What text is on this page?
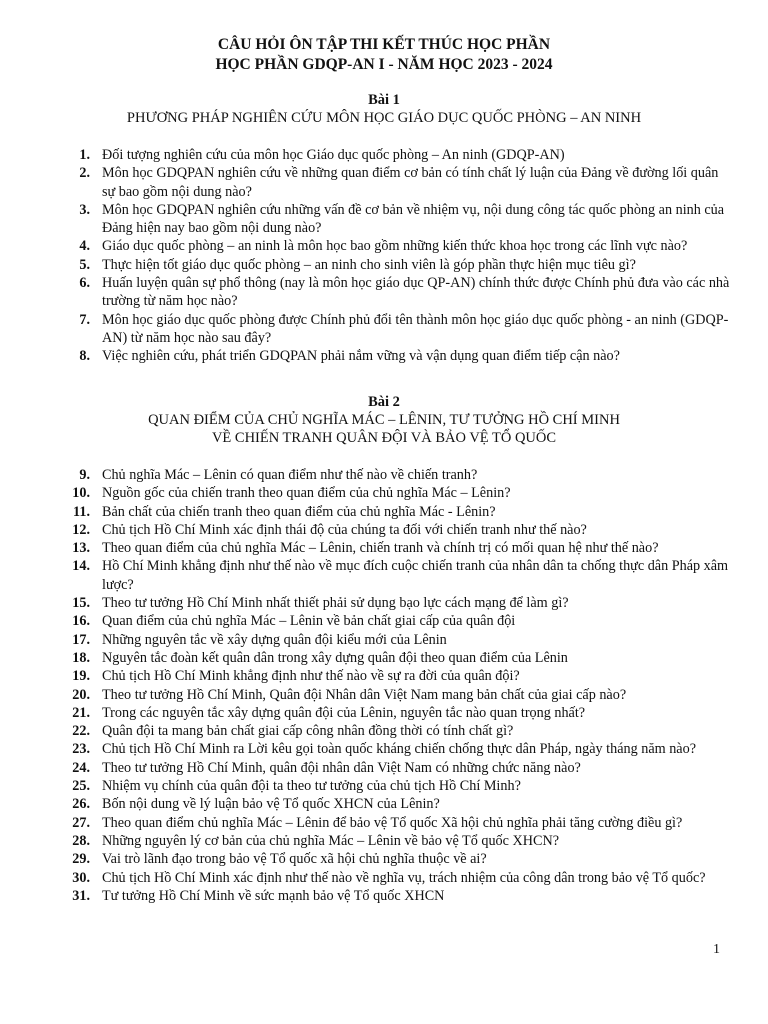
CÂU HỎI ÔN TẬP THI KẾT THÚC HỌC PHẦN
HỌC PHẦN GDQP-AN I - NĂM HỌC 2023 - 2024
Bài 1
PHƯƠNG PHÁP NGHIÊN CỨU MÔN HỌC GIÁO DỤC QUỐC PHÒNG – AN NINH
1. Đối tượng nghiên cứu của môn học Giáo dục quốc phòng – An ninh (GDQP-AN)
2. Môn học GDQPAN nghiên cứu về những quan điểm cơ bản có tính chất lý luận của Đảng về đường lối quân sự bao gồm nội dung nào?
3. Môn học GDQPAN nghiên cứu những vấn đề cơ bản về nhiệm vụ, nội dung công tác quốc phòng an ninh của Đảng hiện nay bao gồm nội dung nào?
4. Giáo dục quốc phòng – an ninh là môn học bao gồm những kiến thức khoa học trong các lĩnh vực nào?
5. Thực hiện tốt giáo dục quốc phòng – an ninh cho sinh viên là góp phần thực hiện mục tiêu gì?
6. Huấn luyện quân sự phổ thông (nay là môn học giáo dục QP-AN) chính thức được Chính phủ đưa vào các nhà trường từ năm học nào?
7. Môn học giáo dục quốc phòng được Chính phủ đổi tên thành môn học giáo dục quốc phòng - an ninh (GDQP-AN) từ năm học nào sau đây?
8. Việc nghiên cứu, phát triển GDQPAN phải nắm vững và vận dụng quan điểm tiếp cận nào?
Bài 2
QUAN ĐIỂM CỦA CHỦ NGHĨA MÁC – LÊNIN, TƯ TƯỞNG HỒ CHÍ MINH
VỀ CHIẾN TRANH QUÂN ĐỘI VÀ BẢO VỆ TỔ QUỐC
9. Chủ nghĩa Mác – Lênin có quan điểm như thế nào về chiến tranh?
10. Nguồn gốc của chiến tranh theo quan điểm của chủ nghĩa Mác – Lênin?
11. Bản chất của chiến tranh theo quan điểm của chủ nghĩa Mác - Lênin?
12. Chủ tịch Hồ Chí Minh xác định thái độ của chúng ta đối với chiến tranh như thế nào?
13. Theo quan điểm của chủ nghĩa Mác – Lênin, chiến tranh và chính trị có mối quan hệ như thế nào?
14. Hồ Chí Minh khẳng định như thế nào về mục đích cuộc chiến tranh của nhân dân ta chống thực dân Pháp xâm lược?
15. Theo tư tưởng Hồ Chí Minh nhất thiết phải sử dụng bạo lực cách mạng để làm gì?
16. Quan điểm của chủ nghĩa Mác – Lênin về bản chất giai cấp của quân đội
17. Những nguyên tắc về xây dựng quân đội kiểu mới của Lênin
18. Nguyên tắc đoàn kết quân dân trong xây dựng quân đội theo quan điểm của Lênin
19. Chủ tịch Hồ Chí Minh khẳng định như thế nào về sự ra đời của quân đội?
20. Theo tư tưởng Hồ Chí Minh, Quân đội Nhân dân Việt Nam mang bản chất của giai cấp nào?
21. Trong các nguyên tắc xây dựng quân đội của Lênin, nguyên tắc nào quan trọng nhất?
22. Quân đội ta mang bản chất giai cấp công nhân đồng thời có tính chất gì?
23. Chủ tịch Hồ Chí Minh ra Lời kêu gọi toàn quốc kháng chiến chống thực dân Pháp, ngày tháng năm nào?
24. Theo tư tưởng Hồ Chí Minh, quân đội nhân dân Việt Nam có những chức năng nào?
25. Nhiệm vụ chính của quân đội ta theo tư tưởng của chủ tịch Hồ Chí Minh?
26. Bốn nội dung về lý luận bảo vệ Tổ quốc XHCN của Lênin?
27. Theo quan điểm chủ nghĩa Mác – Lênin để bảo vệ Tổ quốc Xã hội chủ nghĩa phải tăng cường điều gì?
28. Những nguyên lý cơ bản của chủ nghĩa Mác – Lênin về bảo vệ Tổ quốc XHCN?
29. Vai trò lãnh đạo trong bảo vệ Tổ quốc xã hội chủ nghĩa thuộc về ai?
30. Chủ tịch Hồ Chí Minh xác định như thế nào về nghĩa vụ, trách nhiệm của công dân trong bảo vệ Tổ quốc?
31. Tư tưởng Hồ Chí Minh về sức mạnh bảo vệ Tổ quốc XHCN
1
